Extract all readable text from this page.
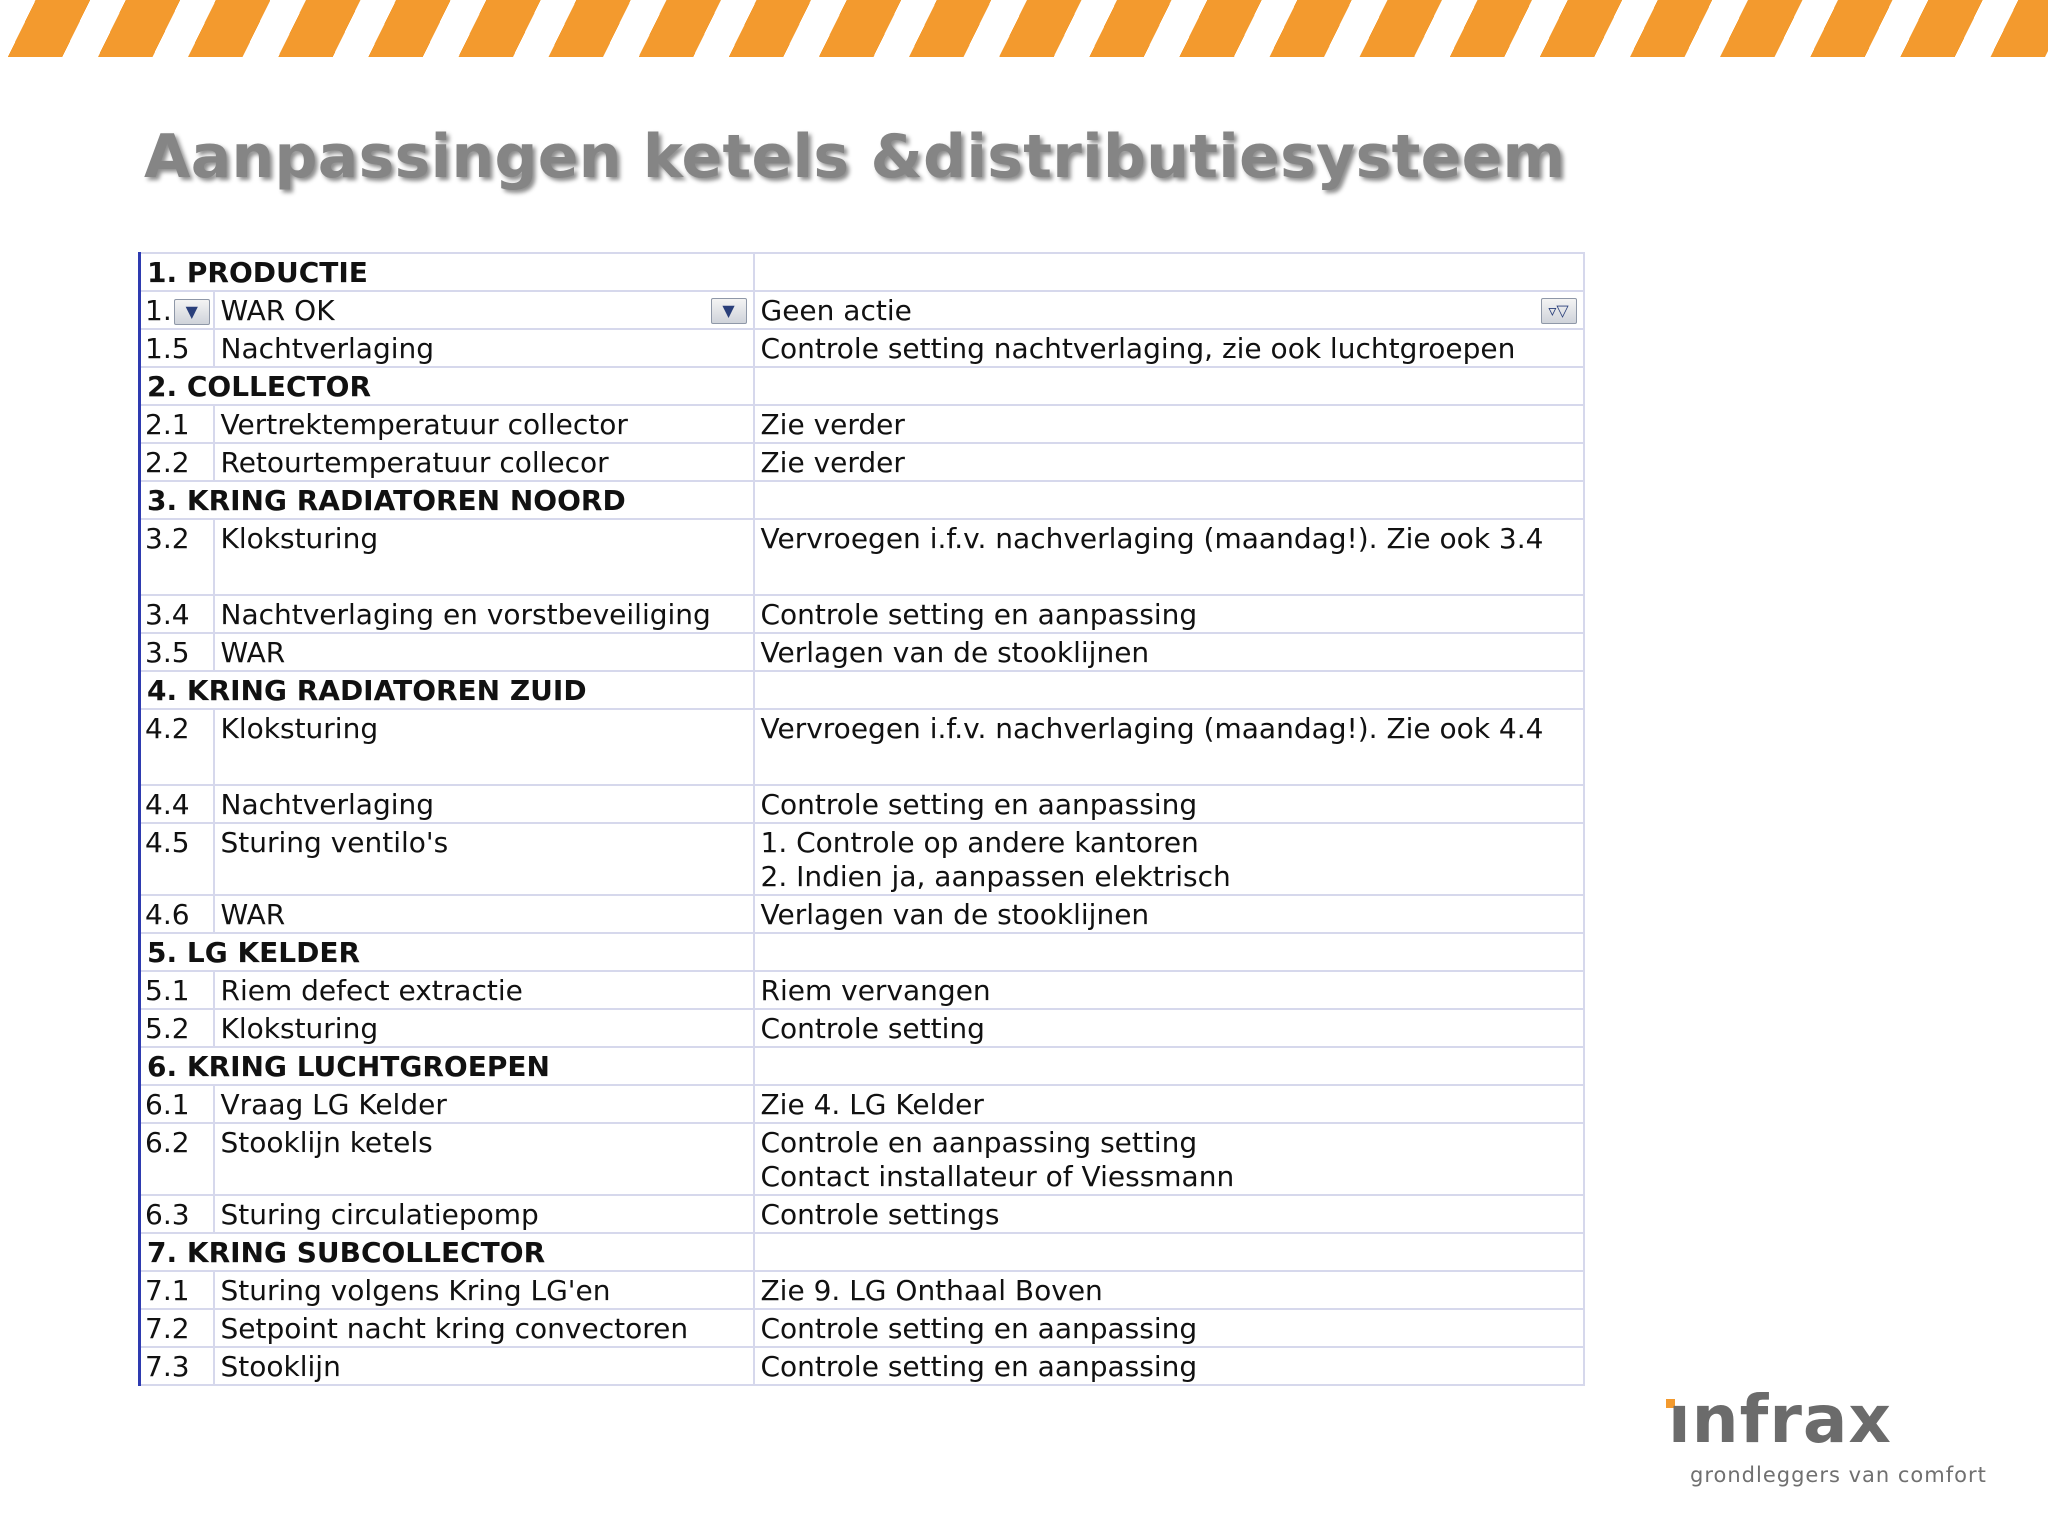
Aanpassingen ketels &distributiesysteem
1. PRODUCTIE		
1. ▼	WAR OK ▼	Geen actie ▿▽

1.5	Nachtverlaging	Controle setting nachtverlaging, zie ook luchtgroepen
2. COLLECTOR		
2.1	Vertrektemperatuur collector	Zie verder
2.2	Retourtemperatuur collecor	Zie verder
3. KRING RADIATOREN NOORD		
3.2	Kloksturing	Vervroegen i.f.v. nachverlaging (maandag!). Zie ook 3.4
3.4	Nachtverlaging en vorstbeveiliging	Controle setting en aanpassing
3.5	WAR	Verlagen van de stooklijnen
4. KRING RADIATOREN ZUID		
4.2	Kloksturing	Vervroegen i.f.v. nachverlaging (maandag!). Zie ook 4.4
4.4	Nachtverlaging	Controle setting en aanpassing
4.5	Sturing ventilo's	1. Controle op andere kantoren
2. Indien ja, aanpassen elektrisch

4.6	WAR	Verlagen van de stooklijnen
5. LG KELDER		
5.1	Riem defect extractie	Riem vervangen
5.2	Kloksturing	Controle setting
6. KRING LUCHTGROEPEN		
6.1	Vraag LG Kelder	Zie 4. LG Kelder
6.2	Stooklijn ketels	Controle en aanpassing setting
Contact installateur of Viessmann

6.3	Sturing circulatiepomp	Controle settings
7. KRING SUBCOLLECTOR		
7.1	Sturing volgens Kring LG'en	Zie 9. LG Onthaal Boven
7.2	Setpoint nacht kring convectoren	Controle setting en aanpassing
7.3	Stooklijn	Controle setting en aanpassing
ınfrax
grondleggers van comfort
